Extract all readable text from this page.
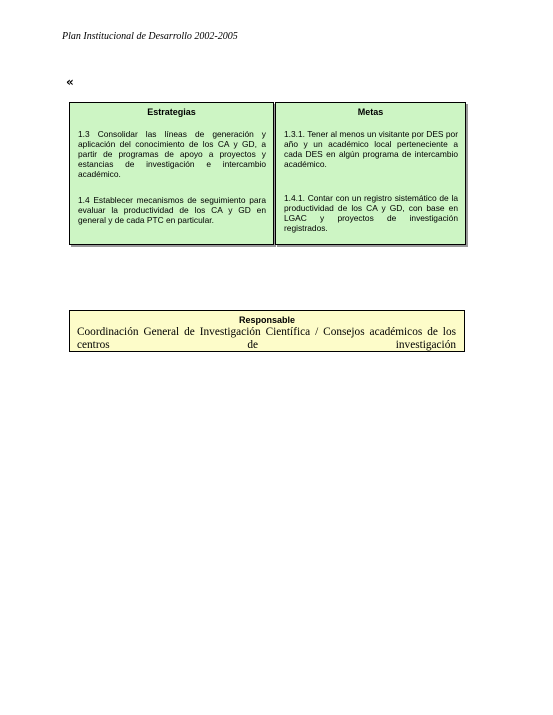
Plan Institucional de Desarrollo 2002-2005
«
Estrategias
1.3 Consolidar las líneas de generación y aplicación del conocimiento de los CA y GD, a partir de programas de apoyo a proyectos y estancias de investigación e intercambio académico.
1.4 Establecer mecanismos de seguimiento para evaluar la productividad de los CA y GD en general y de cada PTC en particular.
Metas
1.3.1. Tener al menos un visitante por DES por año y un académico local perteneciente a cada DES en algún programa de intercambio académico.
1.4.1. Contar con un registro sistemático de la productividad de los CA y GD, con base en LGAC y proyectos de investigación registrados.
Responsable
Coordinación General de Investigación Científica / Consejos académicos de los centros de investigación
